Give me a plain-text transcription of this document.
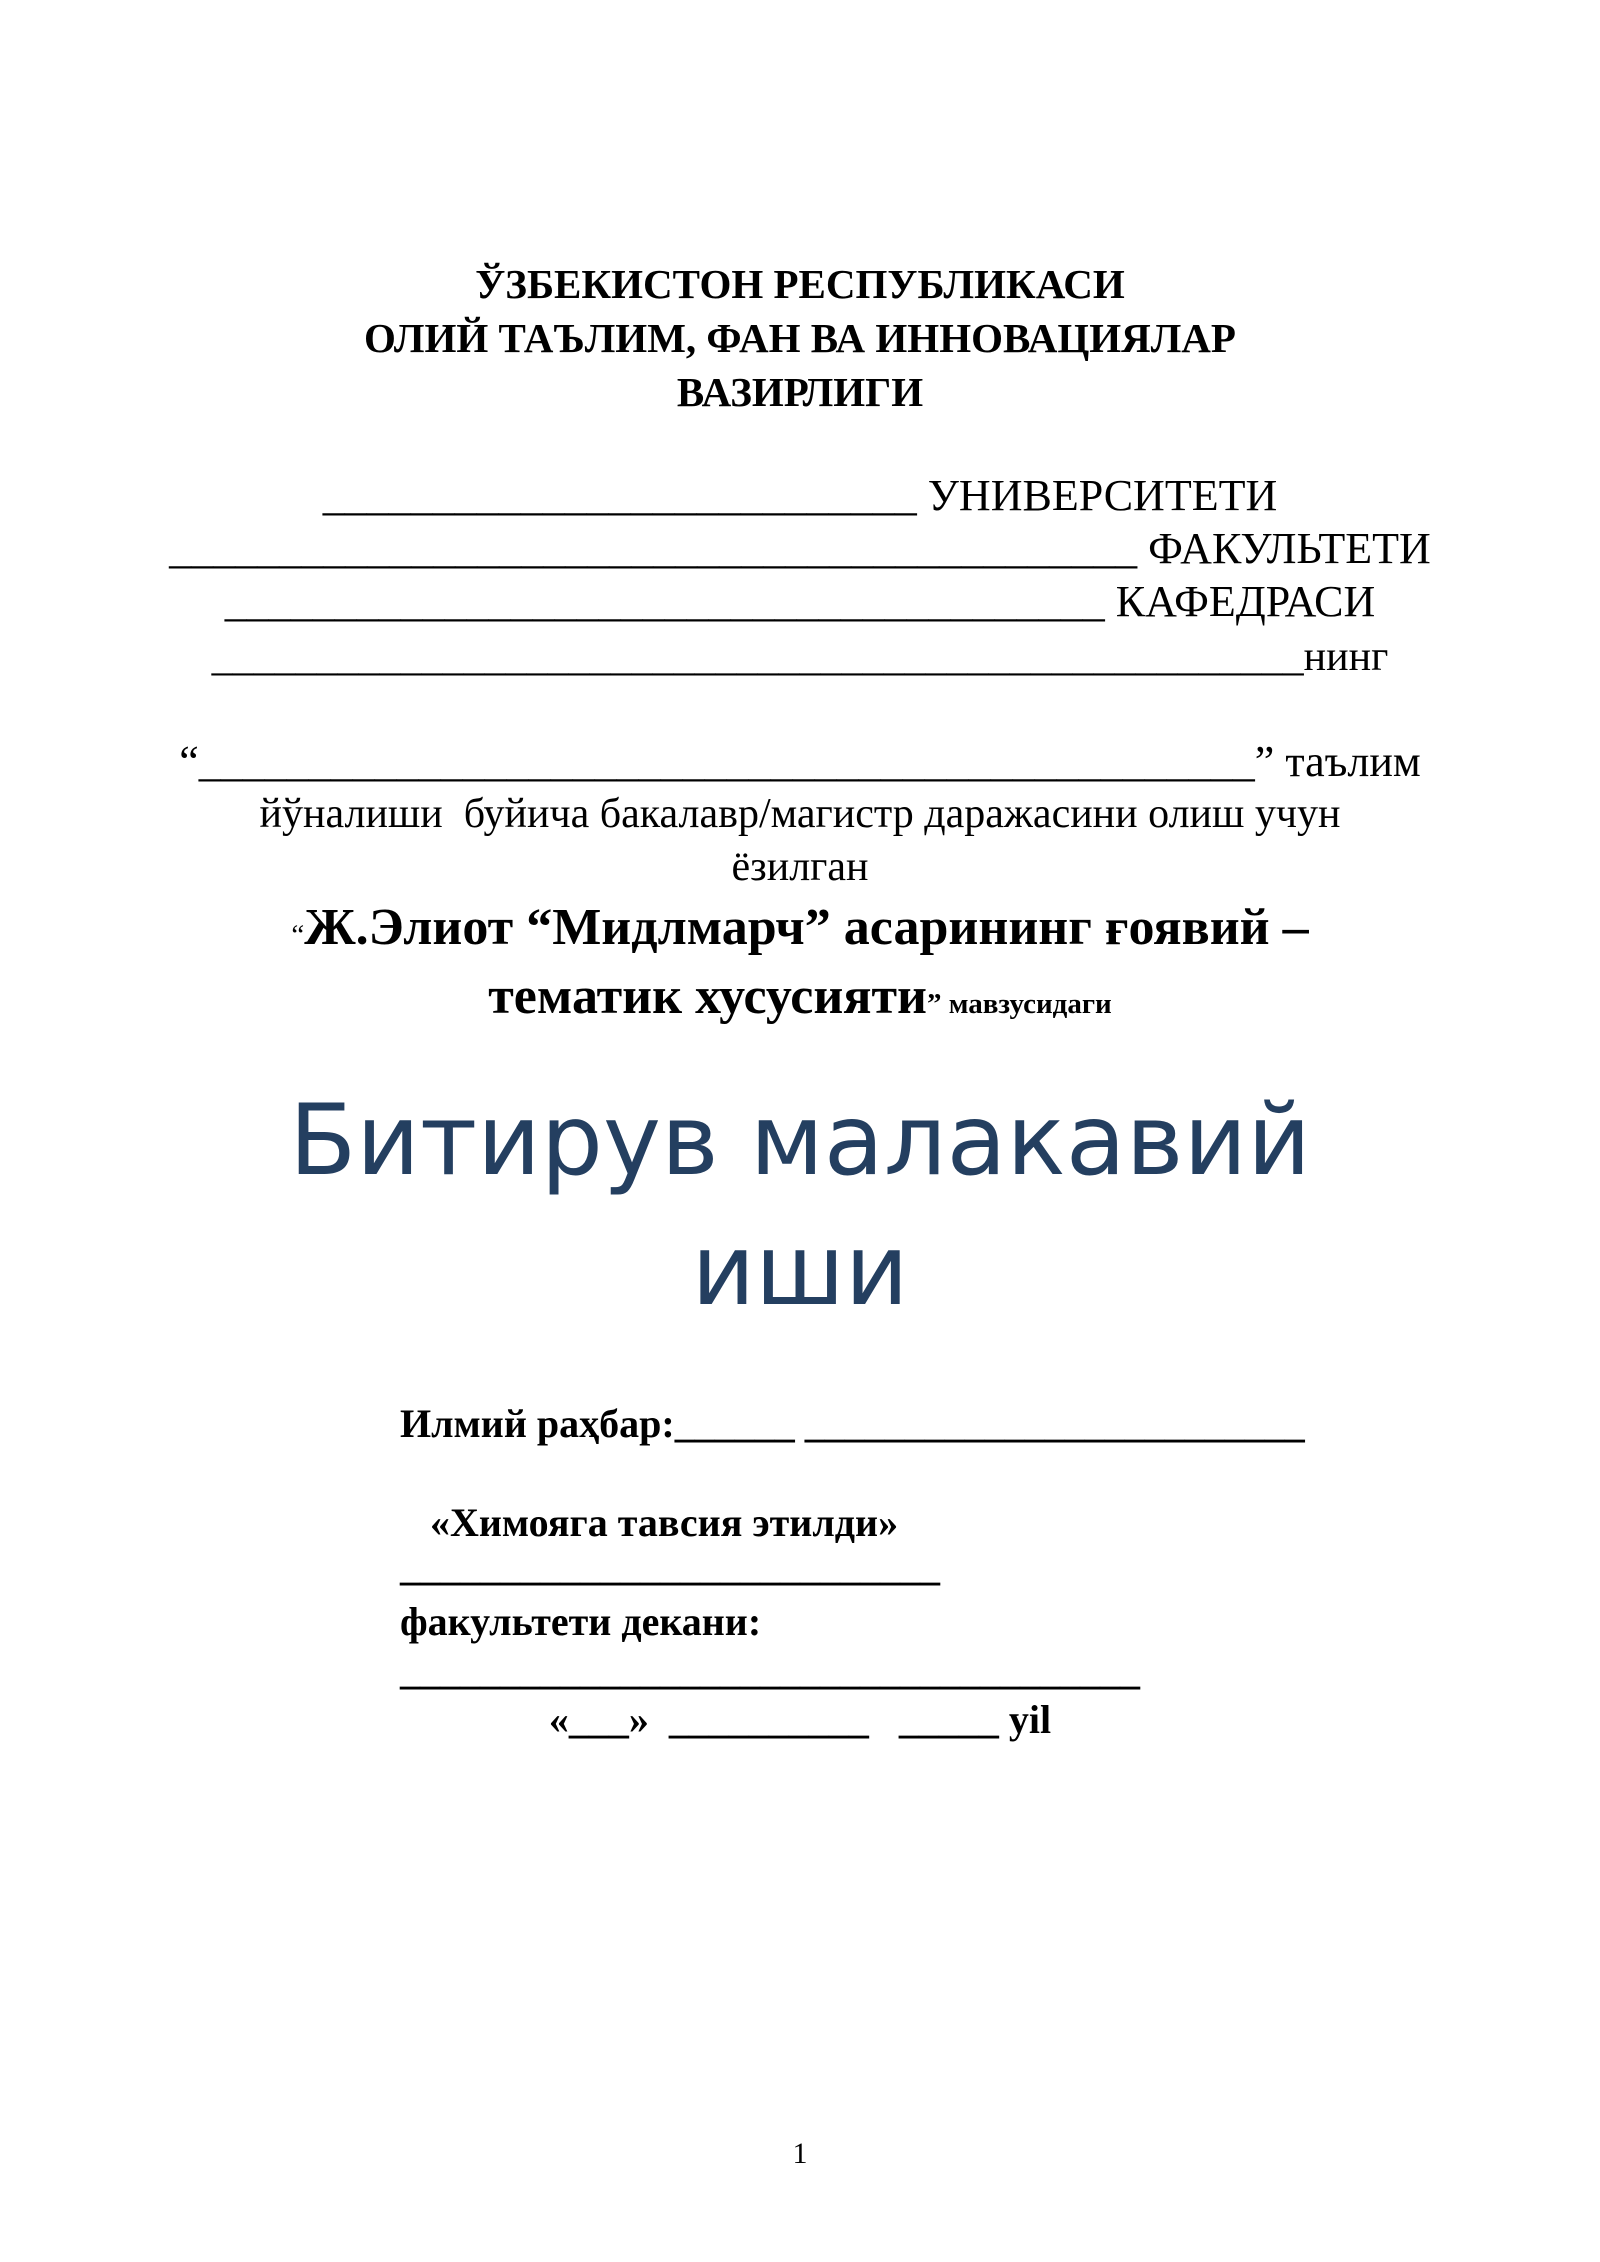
ЎЗБЕКИСТОН РЕСПУБЛИКАСИ
ОЛИЙ ТАЪЛИМ, ФАН ВА ИННОВАЦИЯЛАР
ВАЗИРЛИГИ
___________________________ УНИВЕРСИТЕТИ
____________________________________________ ФАКУЛЬТЕТИ
________________________________________ КАФЕДРАСИ
____________________________________________________нинг
“________________________________________________” таълим
йўналиши  буйича бакалавр/магистр даражасини олиш учун
ёзилган
“Ж.Элиот “Мидлмарч” асарининг ғоявий –
тематик хусусияти” мавзусидаги
Битирув малакавий
иши
Илмий раҳбар:______ _________________________
«Химояга тавсия этилди»
___________________________
факультети декани:
_____________________________________
«___»  __________   _____ yil
1
